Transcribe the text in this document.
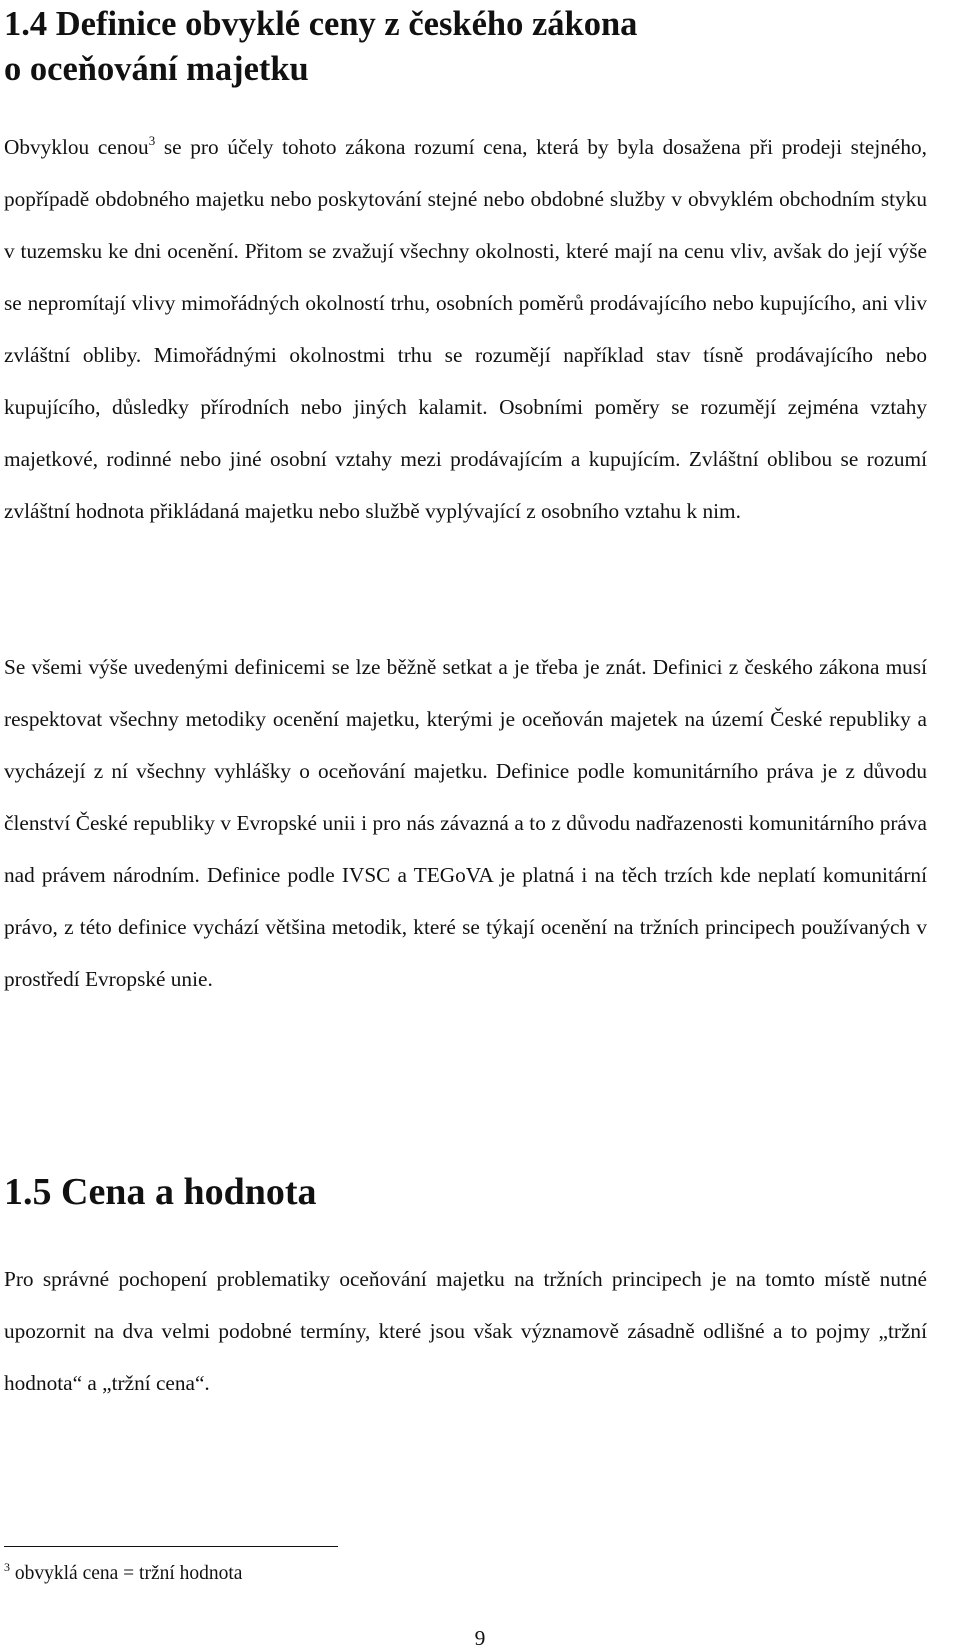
1.4 Definice obvyklé ceny z českého zákona
o oceňování majetku

Obvyklou cenou$^3$ se pro účely tohoto zákona rozumí cena, která by byla dosažena při prodeji stejného, popřípadě obdobného majetku nebo poskytování stejné nebo obdobné služby v obvyklém obchodním styku v tuzemsku ke dni ocenění. Přitom se zvažují všechny okolnosti, které mají na cenu vliv, avšak do její výše se nepromítají vlivy mimořádných okolností trhu, osobních poměrů prodávajícího nebo kupujícího, ani vliv zvláštní obliby. Mimořádnými okolnostmi trhu se rozumějí například stav tísně prodávajícího nebo kupujícího, důsledky přírodních nebo jiných kalamit. Osobními poměry se rozumějí zejména vztahy majetkové, rodinné nebo jiné osobní vztahy mezi prodávajícím a kupujícím. Zvláštní oblibou se rozumí zvláštní hodnota přikládaná majetku nebo službě vyplývající z osobního vztahu k nim.

Se všemi výše uvedenými definicemi se lze běžně setkat a je třeba je znát. Definici z českého zákona musí respektovat všechny metodiky ocenění majetku, kterými je oceňován majetek na území České republiky a vycházejí z ní všechny vyhlášky o oceňování majetku. Definice podle komunitárního práva je z důvodu členství České republiky v Evropské unii i pro nás závazná a to z důvodu nadřazenosti komunitárního práva nad právem národním. Definice podle IVSC a TEGoVA je platná i na těch trzích kde neplatí komunitární právo, z této definice vychází většina metodik, které se týkají ocenění na tržních principech používaných v prostředí Evropské unie.

1.5 Cena a hodnota

Pro správné pochopení problematiky oceňování majetku na tržních principech je na tomto místě nutné upozornit na dva velmi podobné termíny, které jsou však významově zásadně odlišné a to pojmy „tržní hodnota“ a „tržní cena“.

$^3$ obvyklá cena = tržní hodnota
9
